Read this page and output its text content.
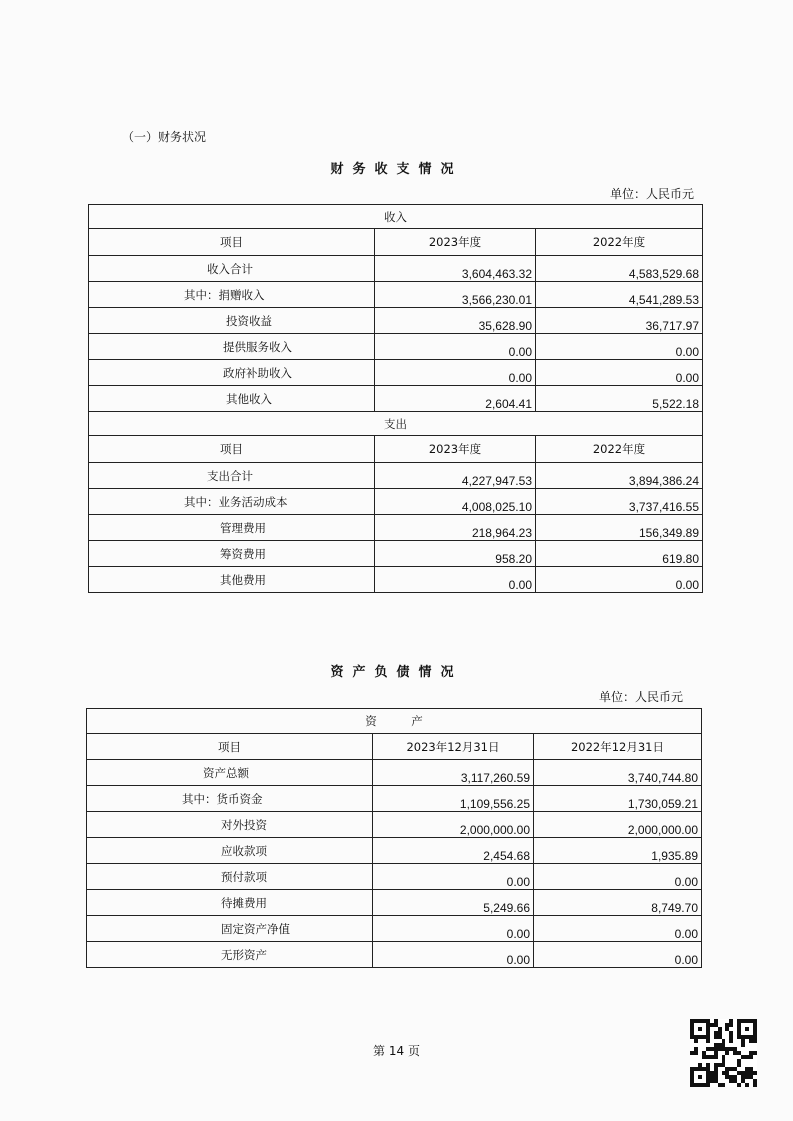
（一）财务状况
财务收支情况
单位：人民币元
收入		
项目	2023年度	2022年度
收入合计	3,604,463.32	4,583,529.68
其中：捐赠收入	3,566,230.01	4,541,289.53
投资收益	35,628.90	36,717.97
提供服务收入	0.00	0.00
政府补助收入	0.00	0.00
其他收入	2,604.41	5,522.18
支出		
项目	2023年度	2022年度
支出合计	4,227,947.53	3,894,386.24
其中：业务活动成本	4,008,025.10	3,737,416.55
管理费用	218,964.23	156,349.89
筹资费用	958.20	619.80
其他费用	0.00	0.00
资产负债情况
单位：人民币元
资　　　产		
项目	2023年12月31日	2022年12月31日
资产总额	3,117,260.59	3,740,744.80
其中：货币资金	1,109,556.25	1,730,059.21
对外投资	2,000,000.00	2,000,000.00
应收款项	2,454.68	1,935.89
预付款项	0.00	0.00
待摊费用	5,249.66	8,749.70
固定资产净值	0.00	0.00
无形资产	0.00	0.00
第 14 页
